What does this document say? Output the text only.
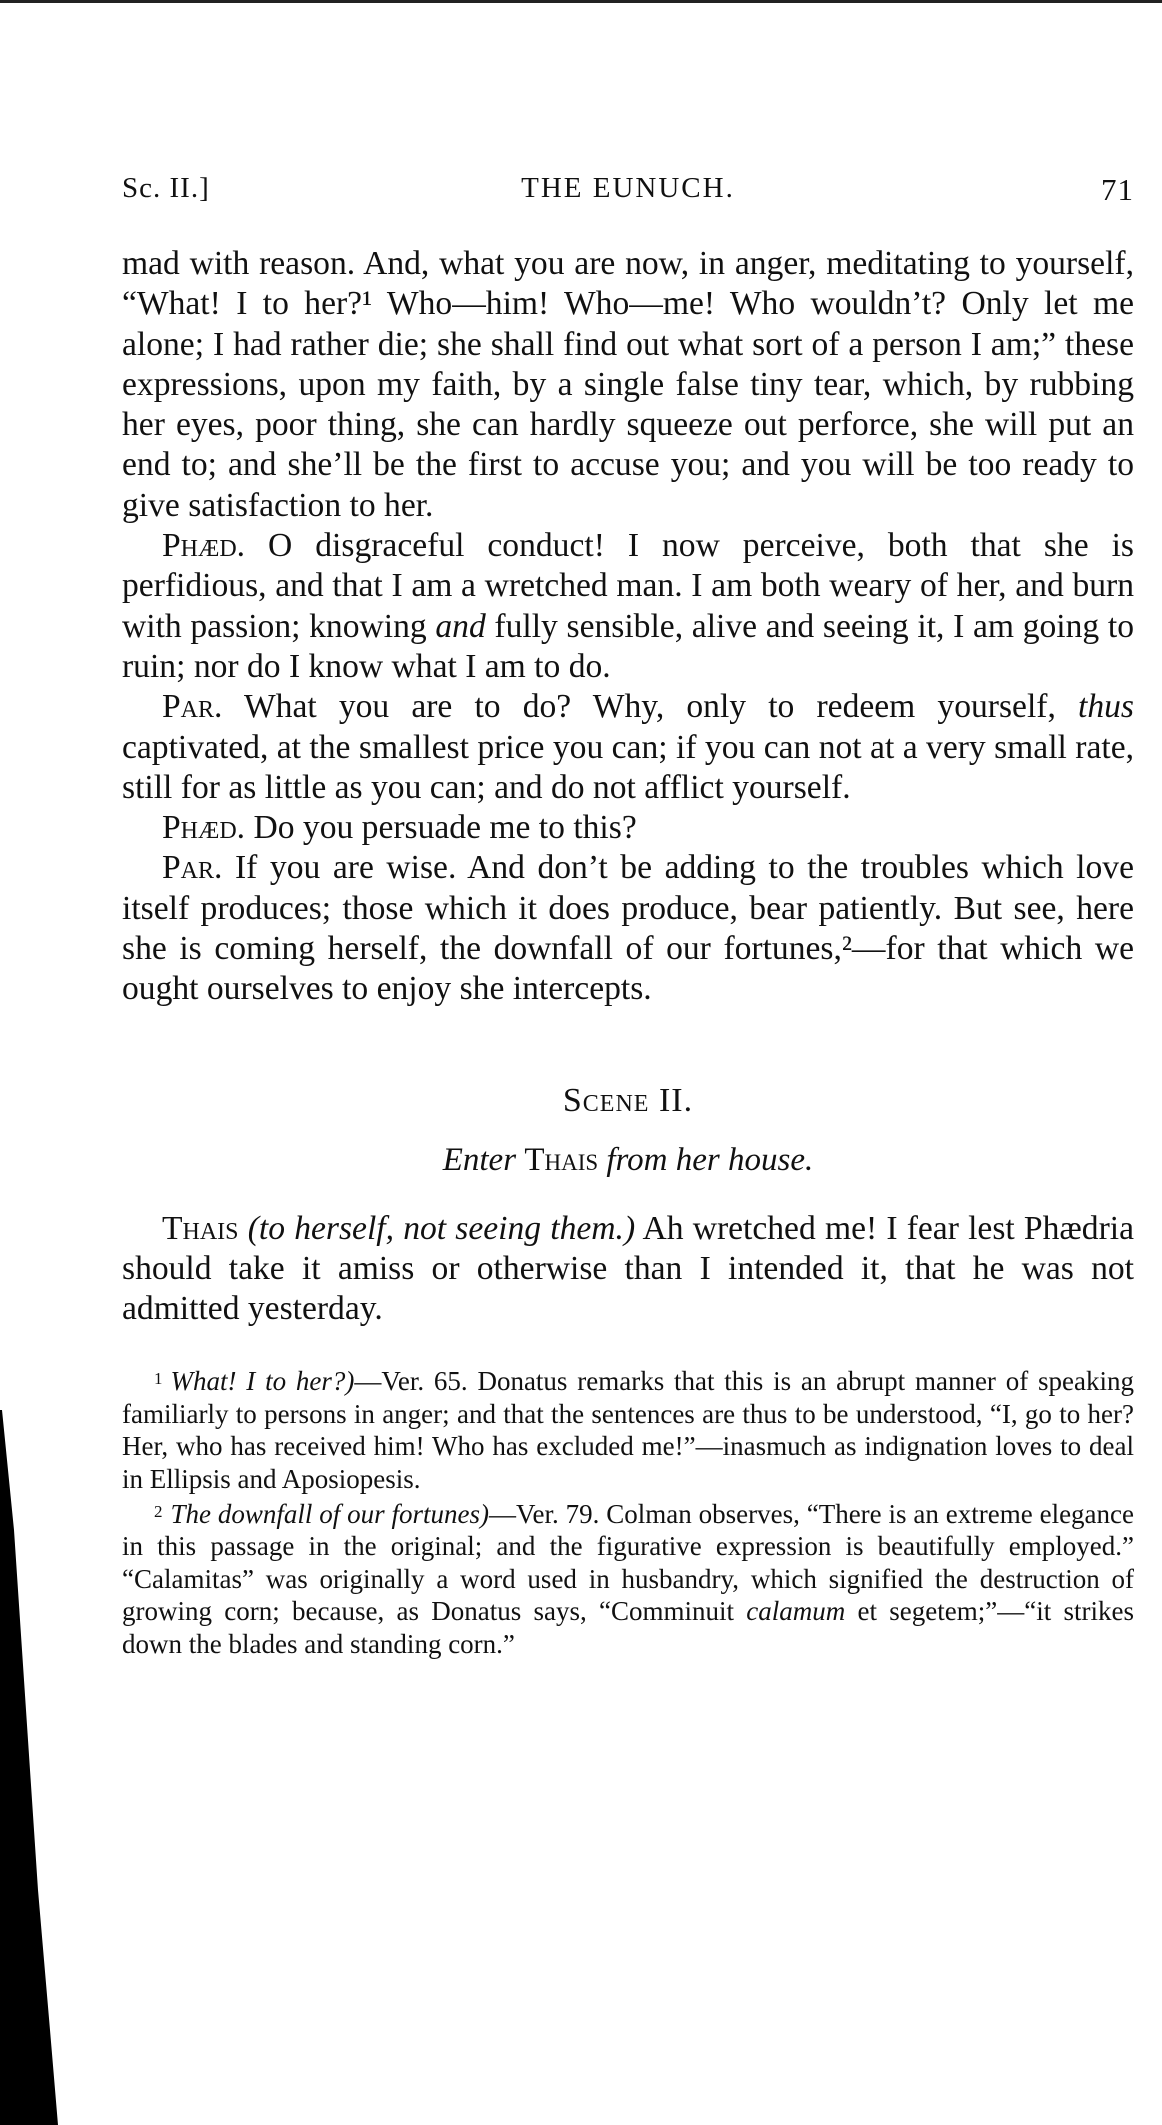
Sc. II.]	THE EUNUCH.	71

mad with reason. And, what you are now, in anger, meditating to yourself, “What! I to her?¹ Who—him! Who—me! Who wouldn’t? Only let me alone; I had rather die; she shall find out what sort of a person I am;” these expressions, upon my faith, by a single false tiny tear, which, by rubbing her eyes, poor thing, she can hardly squeeze out perforce, she will put an end to; and she’ll be the first to accuse you; and you will be too ready to give satisfaction to her.

Phæd. O disgraceful conduct! I now perceive, both that she is perfidious, and that I am a wretched man. I am both weary of her, and burn with passion; knowing and fully sensible, alive and seeing it, I am going to ruin; nor do I know what I am to do.

Par. What you are to do? Why, only to redeem yourself, thus captivated, at the smallest price you can; if you can not at a very small rate, still for as little as you can; and do not afflict yourself.

Phæd. Do you persuade me to this?

Par. If you are wise. And don’t be adding to the troubles which love itself produces; those which it does produce, bear patiently. But see, here she is coming herself, the downfall of our fortunes,²—for that which we ought ourselves to enjoy she intercepts.

Scene II.
Enter Thais from her house.

Thais (to herself, not seeing them.) Ah wretched me! I fear lest Phædria should take it amiss or otherwise than I intended it, that he was not admitted yesterday.

$^1$ What! I to her?)—Ver. 65. Donatus remarks that this is an abrupt manner of speaking familiarly to persons in anger; and that the sentences are thus to be understood, “I, go to her? Her, who has received him! Who has excluded me!”—inasmuch as indignation loves to deal in Ellipsis and Aposiopesis.

$^2$ The downfall of our fortunes)—Ver. 79. Colman observes, “There is an extreme elegance in this passage in the original; and the figurative expression is beautifully employed.” “Calamitas” was originally a word used in husbandry, which signified the destruction of growing corn; because, as Donatus says, “Comminuit calamum et segetem;”—“it strikes down the blades and standing corn.”
